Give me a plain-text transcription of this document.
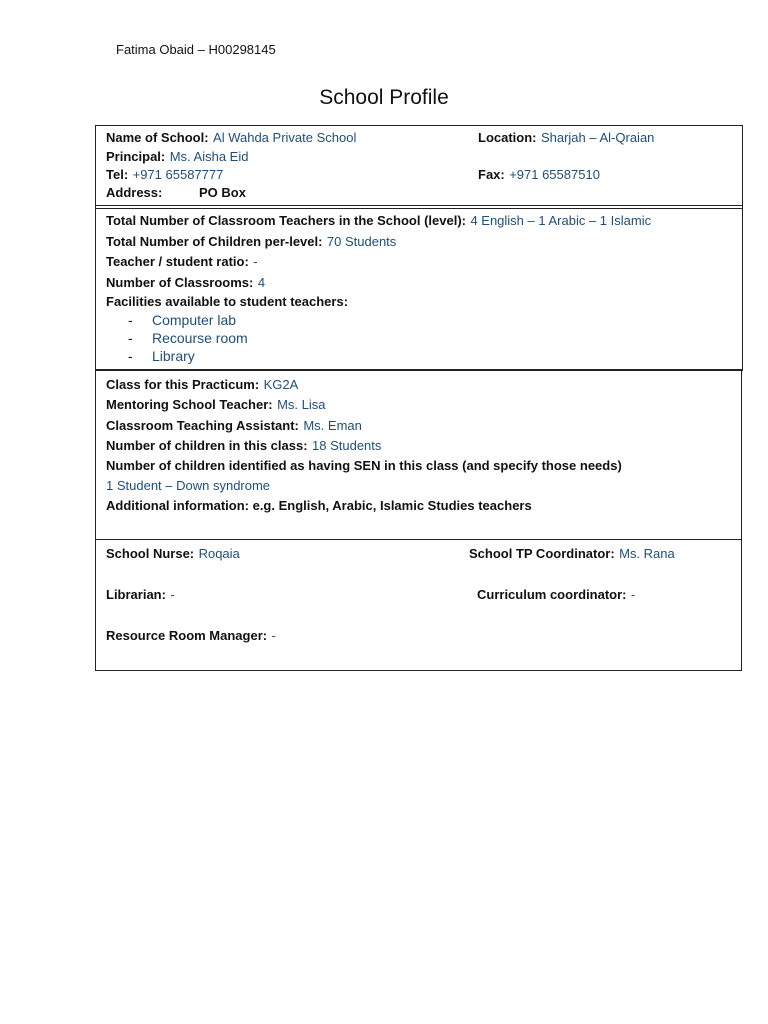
Fatima Obaid – H00298145
School Profile
Name of School: Al Wahda Private School	Location: Sharjah – Al-Qraian
Principal: Ms. Aisha Eid
Tel: +971 65587777	Fax: +971 65587510
Address:	PO Box
Total Number of Classroom Teachers in the School (level): 4 English – 1 Arabic – 1 Islamic
Total Number of Children per-level: 70 Students
Teacher / student ratio: -
Number of Classrooms: 4
Facilities available to student teachers:
- Computer lab
- Recourse room
- Library
Class for this Practicum: KG2A
Mentoring School Teacher: Ms. Lisa
Classroom Teaching Assistant: Ms. Eman
Number of children in this class: 18 Students
Number of children identified as having SEN in this class (and specify those needs)
1 Student – Down syndrome
Additional information: e.g. English, Arabic, Islamic Studies teachers
School Nurse: Roqaia	School TP Coordinator: Ms. Rana
Librarian: -	Curriculum coordinator: -
Resource Room Manager: -
